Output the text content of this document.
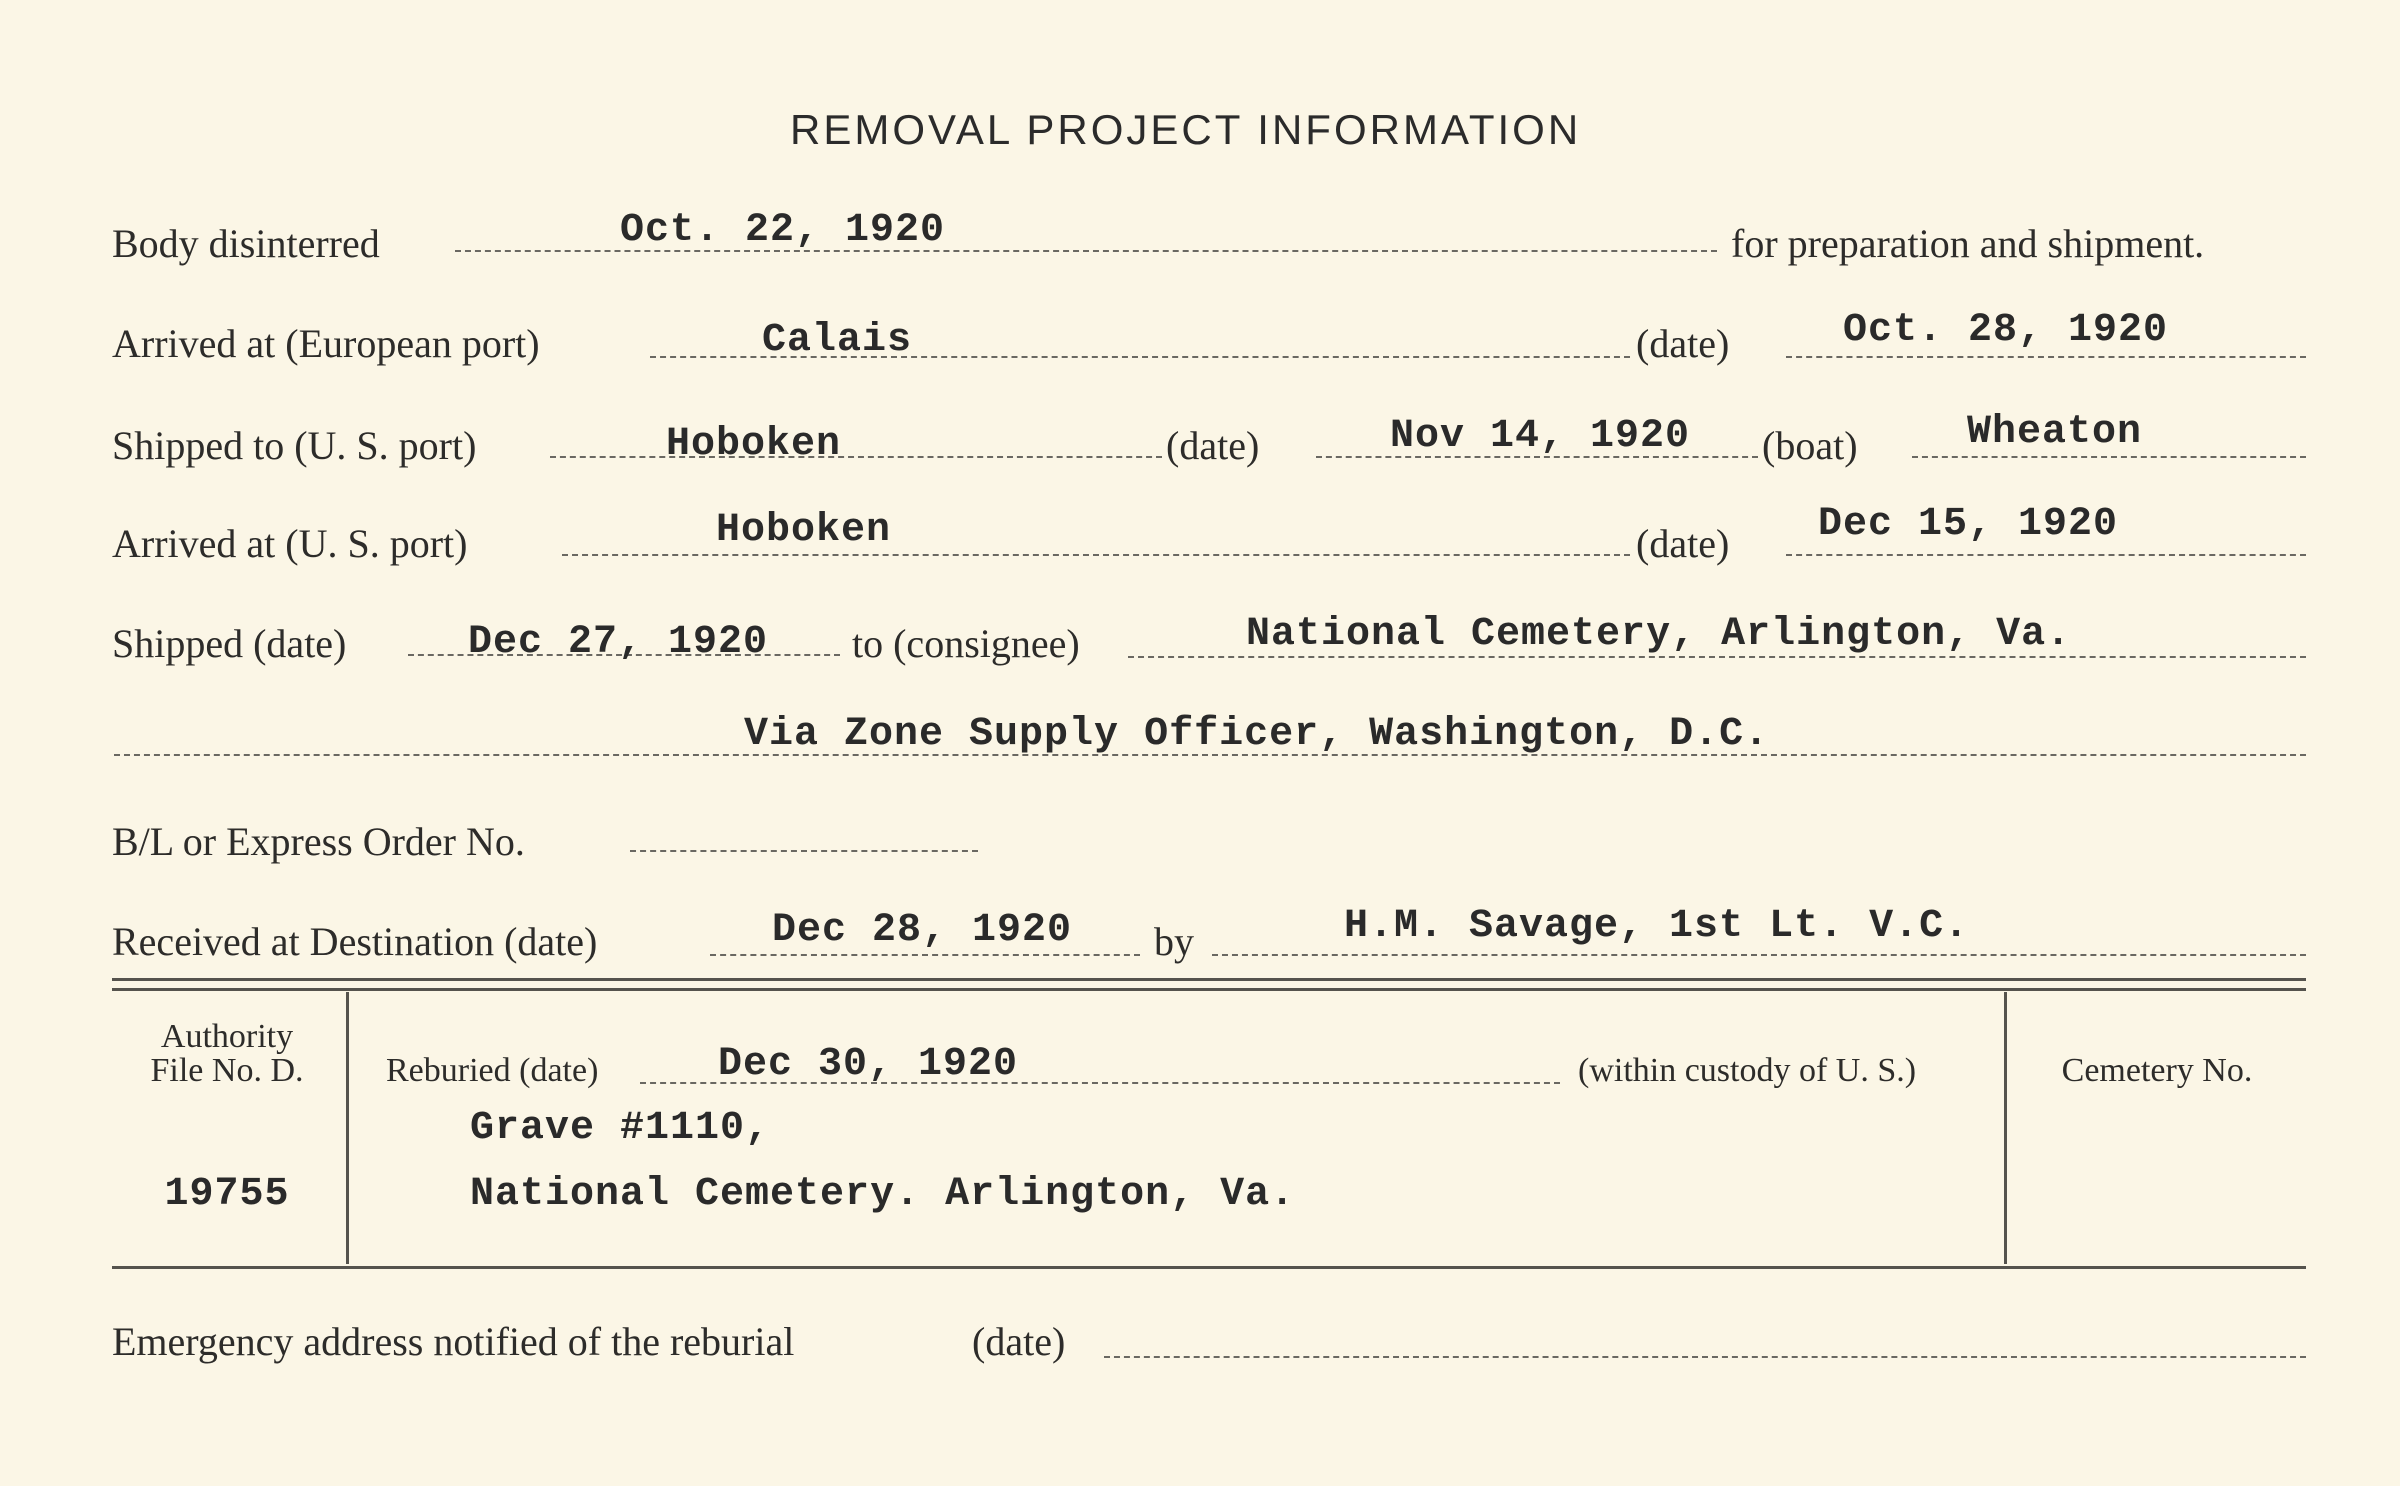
REMOVAL PROJECT INFORMATION
Body disinterred	Oct. 22, 1920	for preparation and shipment.
Arrived at (European port)	Calais	(date)	Oct. 28, 1920
Shipped to (U. S. port)	Hoboken	(date)	Nov 14, 1920 (boat)	Wheaton
Arrived at (U. S. port)	Hoboken	(date) Dec 15, 1920
Shipped (date)	Dec 27, 1920 to (consignee)	National Cemetery, Arlington, Va.
Via Zone Supply Officer, Washington, D.C.
B/L or Express Order No.
Received at Destination (date)	Dec 28, 1920 by	H.M. Savage, 1st Lt. V.C.
Authority
File No. D.
19755
Reburied (date)	Dec 30, 1920	(within custody of U. S.)
Grave #1110,
National Cemetery. Arlington, Va.
Cemetery No.
Emergency address notified of the reburial	(date)
